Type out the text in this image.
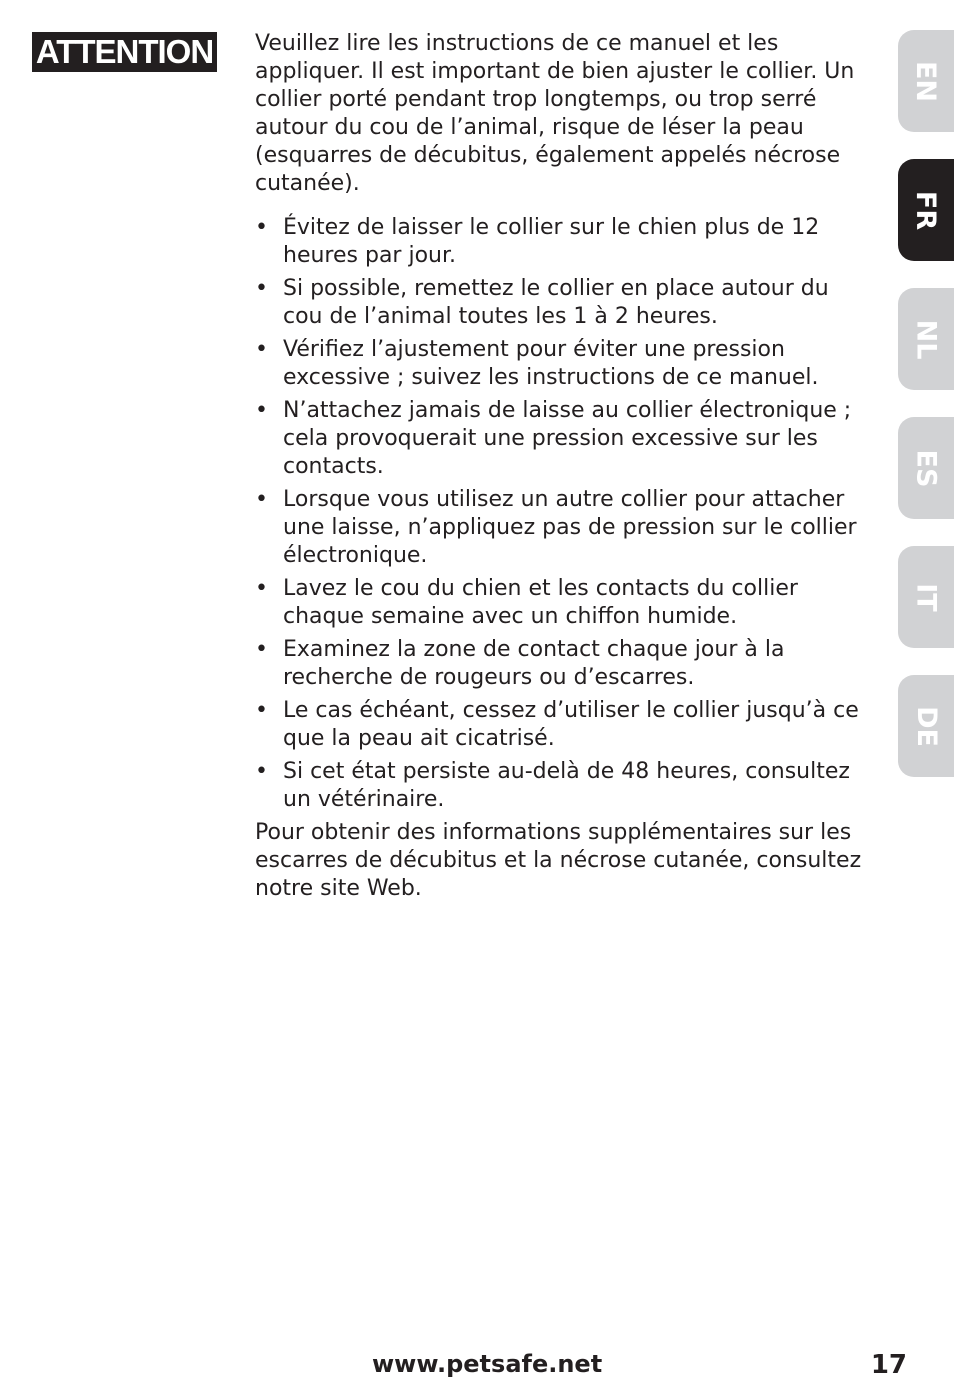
ATTENTION Veuillez lire les instructions de ce manuel et les appliquer. Il est important de bien ajuster le collier. Un collier porté pendant trop longtemps, ou trop serré autour du cou de l’animal, risque de léser la peau (esquarres de décubitus, également appelés nécrose cutanée).

• Évitez de laisser le collier sur le chien plus de 12 heures par jour.
• Si possible, remettez le collier en place autour du cou de l’animal toutes les 1 à 2 heures.
• Vérifiez l’ajustement pour éviter une pression excessive ; suivez les instructions de ce manuel.
• N’attachez jamais de laisse au collier électronique ; cela provoquerait une pression excessive sur les contacts.
• Lorsque vous utilisez un autre collier pour attacher une laisse, n’appliquez pas de pression sur le collier électronique.
• Lavez le cou du chien et les contacts du collier chaque semaine avec un chiffon humide.
• Examinez la zone de contact chaque jour à la recherche de rougeurs ou d’escarres.
• Le cas échéant, cessez d’utiliser le collier jusqu’à ce que la peau ait cicatrisé.
• Si cet état persiste au-delà de 48 heures, consultez un vétérinaire.

Pour obtenir des informations supplémentaires sur les escarres de décubitus et la nécrose cutanée, consultez notre site Web.

EN
FR
NL
ES
IT
DE
www.petsafe.net	17
